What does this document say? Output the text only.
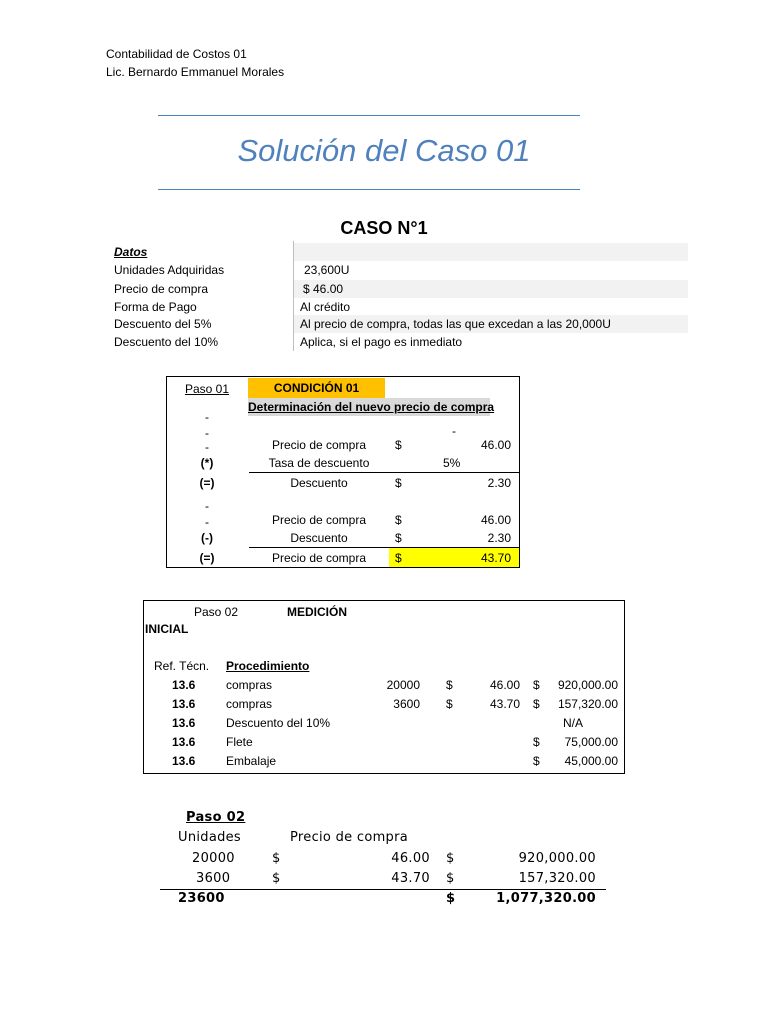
Contabilidad de Costos 01
Lic. Bernardo Emmanuel Morales
Solución del Caso 01
CASO N°1
Datos
Unidades Adquiridas	23,600U
Precio de compra	$ 46.00
Forma de Pago	Al crédito
Descuento del 5%	Al precio de compra, todas las que excedan a las 20,000U
Descuento del 10%	Aplica, si el pago es inmediato
Paso 01	CONDICIÓN 01
Determinación del nuevo precio de compra
-
-
-
-
Precio de compra	$	46.00
(*)	Tasa de descuento	5%
(=)	Descuento	$	2.30
-
-	Precio de compra	$	46.00
(-)	Descuento	$	2.30
(=)	Precio de compra	$	43.70
Paso 02	MEDICIÓN
INICIAL
Ref. Técn. Procedimiento
13.6	compras	20000 $	46.00 $	920,000.00
13.6	compras	3600 $	43.70 $	157,320.00
13.6	Descuento del 10%	N/A
13.6	Flete	$	75,000.00
13.6	Embalaje	$	45,000.00
Paso 02
Unidades	Precio de compra
20000	$	46.00 $	920,000.00
3600	$	43.70 $	157,320.00
23600	$	1,077,320.00
